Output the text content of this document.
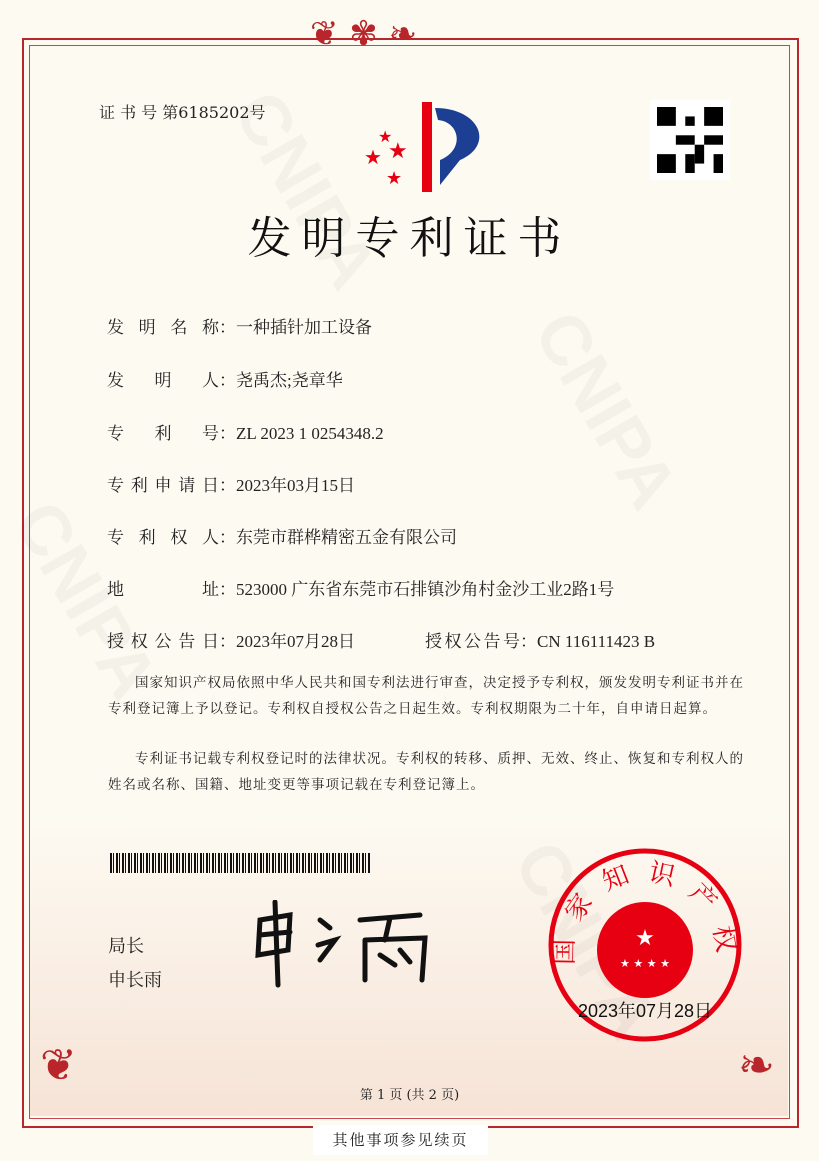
❦ ✾ ❧
❦	❧
证 书 号 第6185202号
★
★ ★
★
发明专利证书
发明名称：一种插针加工设备
发明人：尧禹杰;尧章华
专利号：ZL 2023 1 0254348.2
专利申请日：2023年03月15日
专利权人：东莞市群桦精密五金有限公司
地址：523000 广东省东莞市石排镇沙角村金沙工业2路1号
授权公告日：2023年07月28日	授权公告号：CN 116111423 B
国家知识产权局依照中华人民共和国专利法进行审查，决定授予专利权，颁发发明专利证书并在专利登记簿上予以登记。专利权自授权公告之日起生效。专利权期限为二十年，自申请日起算。
专利证书记载专利权登记时的法律状况。专利权的转移、质押、无效、终止、恢复和专利权人的姓名或名称、国籍、地址变更等事项记载在专利登记簿上。
局长
申长雨
国家知识产权
★
★ ★ ★ ★
2023年07月28日
第 1 页 (共 2 页)
其他事项参见续页
